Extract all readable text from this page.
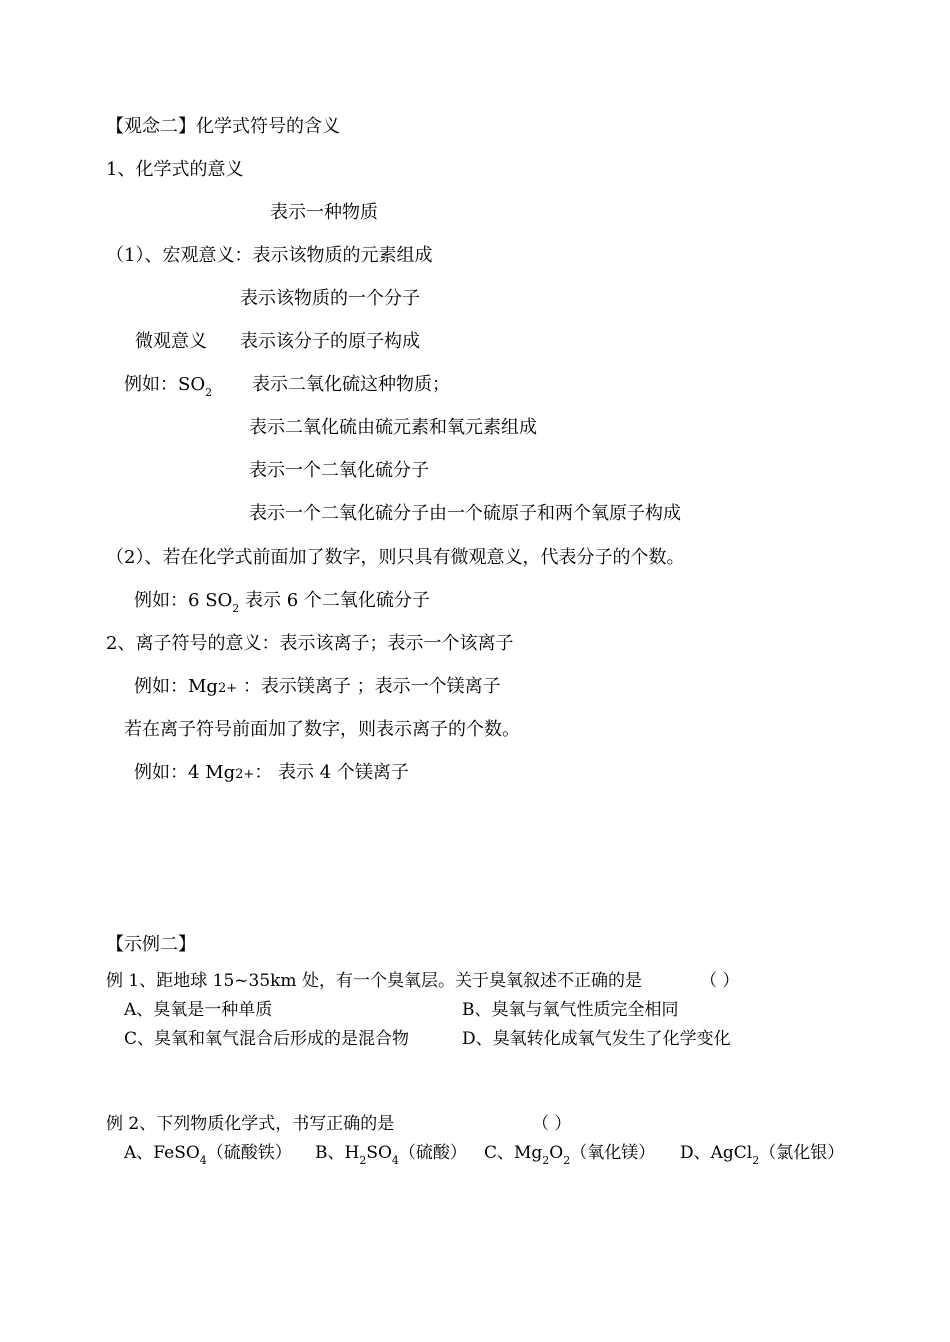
【观念二】化学式符号的含义
1、化学式的意义
表示一种物质
（1）、宏观意义：表示该物质的元素组成
表示该物质的一个分子
微观意义 表示该分子的原子构成
例如：$SO_2$ 表示二氧化硫这种物质；
表示二氧化硫由硫元素和氧元素组成
表示一个二氧化硫分子
表示一个二氧化硫分子由一个硫原子和两个氧原子构成
（2）、若在化学式前面加了数字，则只具有微观意义，代表分子的个数。
例如：6 $SO_2$ 表示 6 个二氧化硫分子
2、离子符号的意义：表示该离子；表示一个该离子
例如：Mg2+ ：表示镁离子 ；表示一个镁离子
若在离子符号前面加了数字，则表示离子的个数。
例如：4 Mg2+： 表示 4 个镁离子
【示例二】
例 1、距地球 15~35km 处，有一个臭氧层。关于臭氧叙述不正确的是	（ ）
A、臭氧是一种单质	B、臭氧与氧气性质完全相同
C、臭氧和氧气混合后形成的是混合物	D、臭氧转化成氧气发生了化学变化
例 2、下列物质化学式，书写正确的是	（ ）
A、FeSO$_4$（硫酸铁） B、$H_2SO_4$（硫酸） C、$Mg_2O_2$（氧化镁） D、AgCl$_2$（氯化银）
